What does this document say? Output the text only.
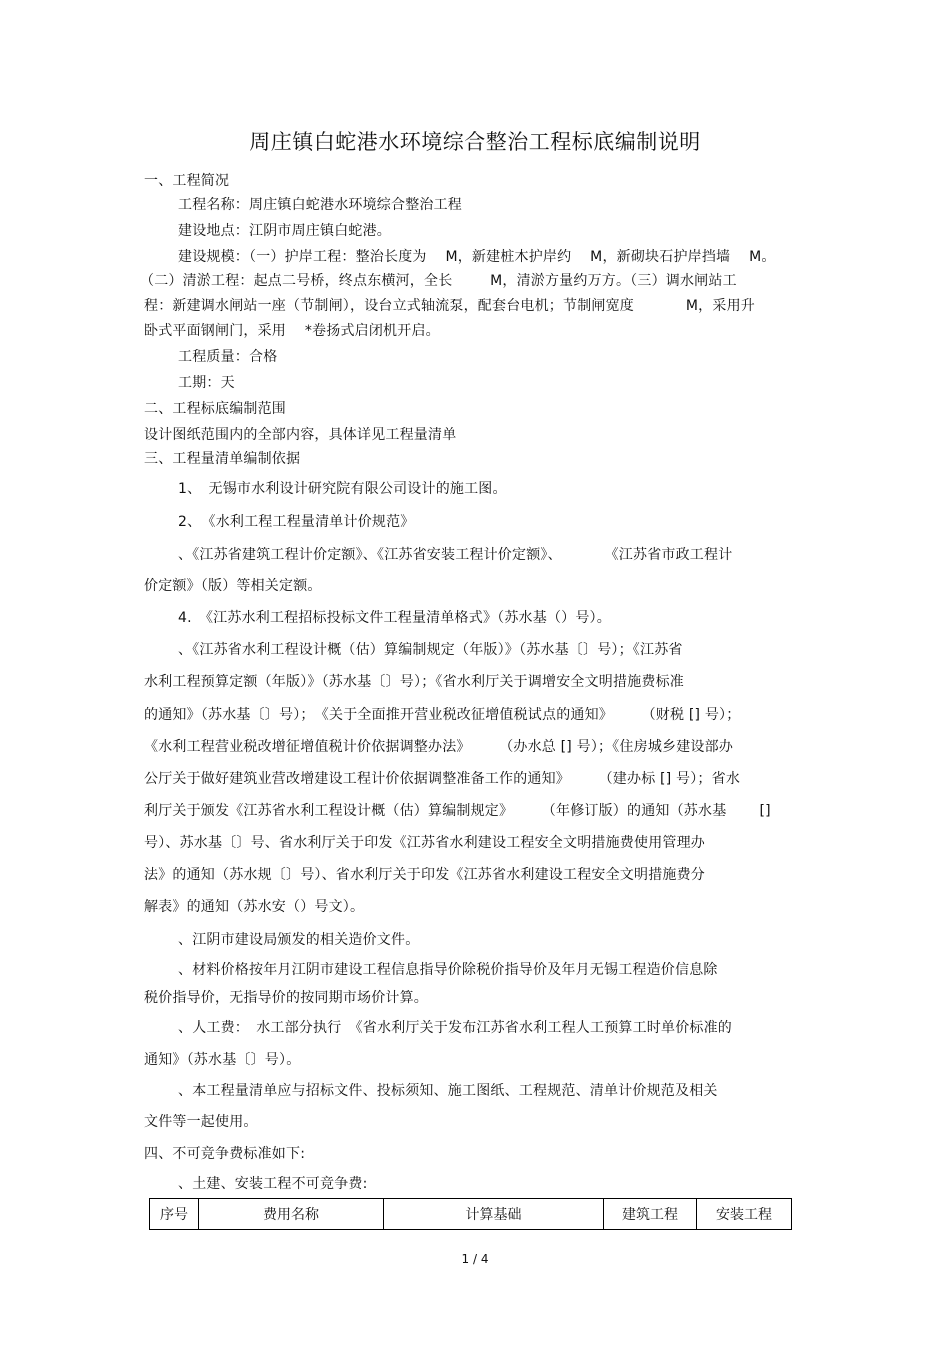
周庄镇白蛇港水环境综合整治工程标底编制说明
一、工程简况
工程名称：周庄镇白蛇港水环境综合整治工程
建设地点：江阴市周庄镇白蛇港。
建设规模：（一）护岸工程：整治长度为 　M，新建桩木护岸约 　M，新砌块石护岸挡墙 　M。
（二）清淤工程：起点二号桥，终点东横河，全长 　　 M，清淤方量约万方。（三）调水闸站工
程：新建调水闸站一座（节制闸），设台立式轴流泵，配套台电机；节制闸宽度 　　　 M，采用升
卧式平面钢闸门，采用 　*卷扬式启闭机开启。
工程质量：合格
工期：天
二、工程标底编制范围
设计图纸范围内的全部内容，具体详见工程量清单
三、工程量清单编制依据
1、　无锡市水利设计研究院有限公司设计的施工图。
2、　《水利工程工程量清单计价规范》
、《江苏省建筑工程计价定额》、《江苏省安装工程计价定额》、　　　　《江苏省市政工程计
价定额》（版）等相关定额。
4.　《江苏水利工程招标投标文件工程量清单格式》（苏水基（）号）。
、《江苏省水利工程设计概（估）算编制规定（年版）》（苏水基〔〕号）；《江苏省
水利工程预算定额（年版）》（苏水基〔〕号）；《省水利厅关于调增安全文明措施费标准
的通知》（苏水基〔〕号）；　《关于全面推开营业税改征增值税试点的通知》　　　（财税 [] 号）；
《水利工程营业税改增征增值税计价依据调整办法》　　　（办水总 [] 号）；《住房城乡建设部办
公厅关于做好建筑业营改增建设工程计价依据调整准备工作的通知》　　　（建办标 [] 号）；省水
利厅关于颁发《江苏省水利工程设计概（估）算编制规定》　　　（年修订版）的通知（苏水基　　 []
号）、苏水基〔〕号、省水利厅关于印发《江苏省水利建设工程安全文明措施费使用管理办
法》的通知（苏水规〔〕号）、省水利厅关于印发《江苏省水利建设工程安全文明措施费分
解表》的通知（苏水安（）号文）。
、江阴市建设局颁发的相关造价文件。
、材料价格按年月江阴市建设工程信息指导价除税价指导价及年月无锡工程造价信息除
税价指导价，无指导价的按同期市场价计算。
、人工费：　水工部分执行　《省水利厅关于发布江苏省水利工程人工预算工时单价标准的
通知》（苏水基〔〕号）。
、本工程量清单应与招标文件、投标须知、施工图纸、工程规范、清单计价规范及相关
文件等一起使用。
四、不可竞争费标准如下:
、土建、安装工程不可竞争费:
序号	费用名称	计算基础	建筑工程	安装工程
1 / 4
